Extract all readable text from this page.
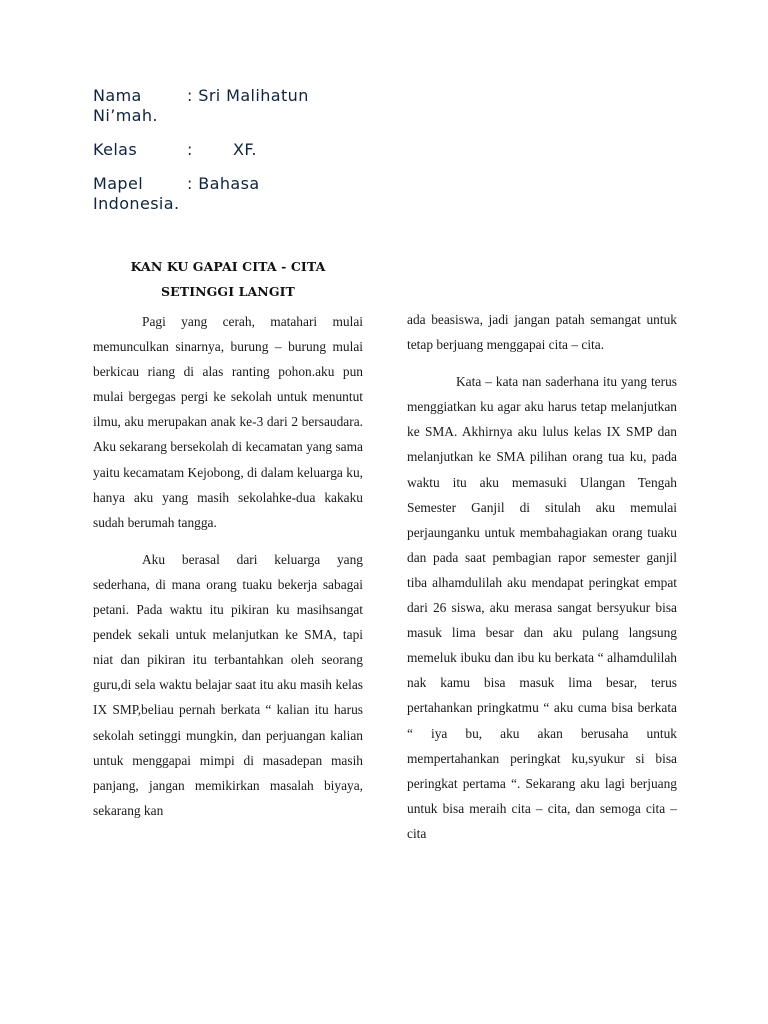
Nama	: Sri Malihatun
Ni’mah.
Kelas	:	XF.
Mapel	: Bahasa
Indonesia.
KAN KU GAPAI CITA - CITA SETINGGI LANGIT

Pagi yang cerah, matahari mulai memunculkan sinarnya, burung – burung mulai berkicau riang di alas ranting pohon.aku pun mulai bergegas pergi ke sekolah untuk menuntut ilmu, aku merupakan anak ke-3 dari 2 bersaudara. Aku sekarang bersekolah di kecamatan yang sama yaitu kecamatam Kejobong, di dalam keluarga ku, hanya aku yang masih sekolahke-dua kakaku sudah berumah tangga.

Aku berasal dari keluarga yang sederhana, di mana orang tuaku bekerja sabagai petani. Pada waktu itu pikiran ku masihsangat pendek sekali untuk melanjutkan ke SMA, tapi niat dan pikiran itu terbantahkan oleh seorang guru,di sela waktu belajar saat itu aku masih kelas IX SMP,beliau pernah berkata “ kalian itu harus sekolah setinggi mungkin, dan perjuangan kalian untuk menggapai mimpi di masadepan masih panjang, jangan memikirkan masalah biyaya, sekarang kan

ada beasiswa, jadi jangan patah semangat untuk tetap berjuang menggapai cita – cita.

Kata – kata nan saderhana itu yang terus menggiatkan ku agar aku harus tetap melanjutkan ke SMA. Akhirnya aku lulus kelas IX SMP dan melanjutkan ke SMA pilihan orang tua ku, pada waktu itu aku memasuki Ulangan Tengah Semester Ganjil di situlah aku memulai perjaunganku untuk membahagiakan orang tuaku dan pada saat pembagian rapor semester ganjil tiba alhamdulilah aku mendapat peringkat empat dari 26 siswa, aku merasa sangat bersyukur bisa masuk lima besar dan aku pulang langsung memeluk ibuku dan ibu ku berkata “ alhamdulilah nak kamu bisa masuk lima besar, terus pertahankan pringkatmu “ aku cuma bisa berkata “ iya bu, aku akan berusaha untuk mempertahankan peringkat ku,syukur si bisa peringkat pertama “. Sekarang aku lagi berjuang untuk bisa meraih cita – cita, dan semoga cita – cita
